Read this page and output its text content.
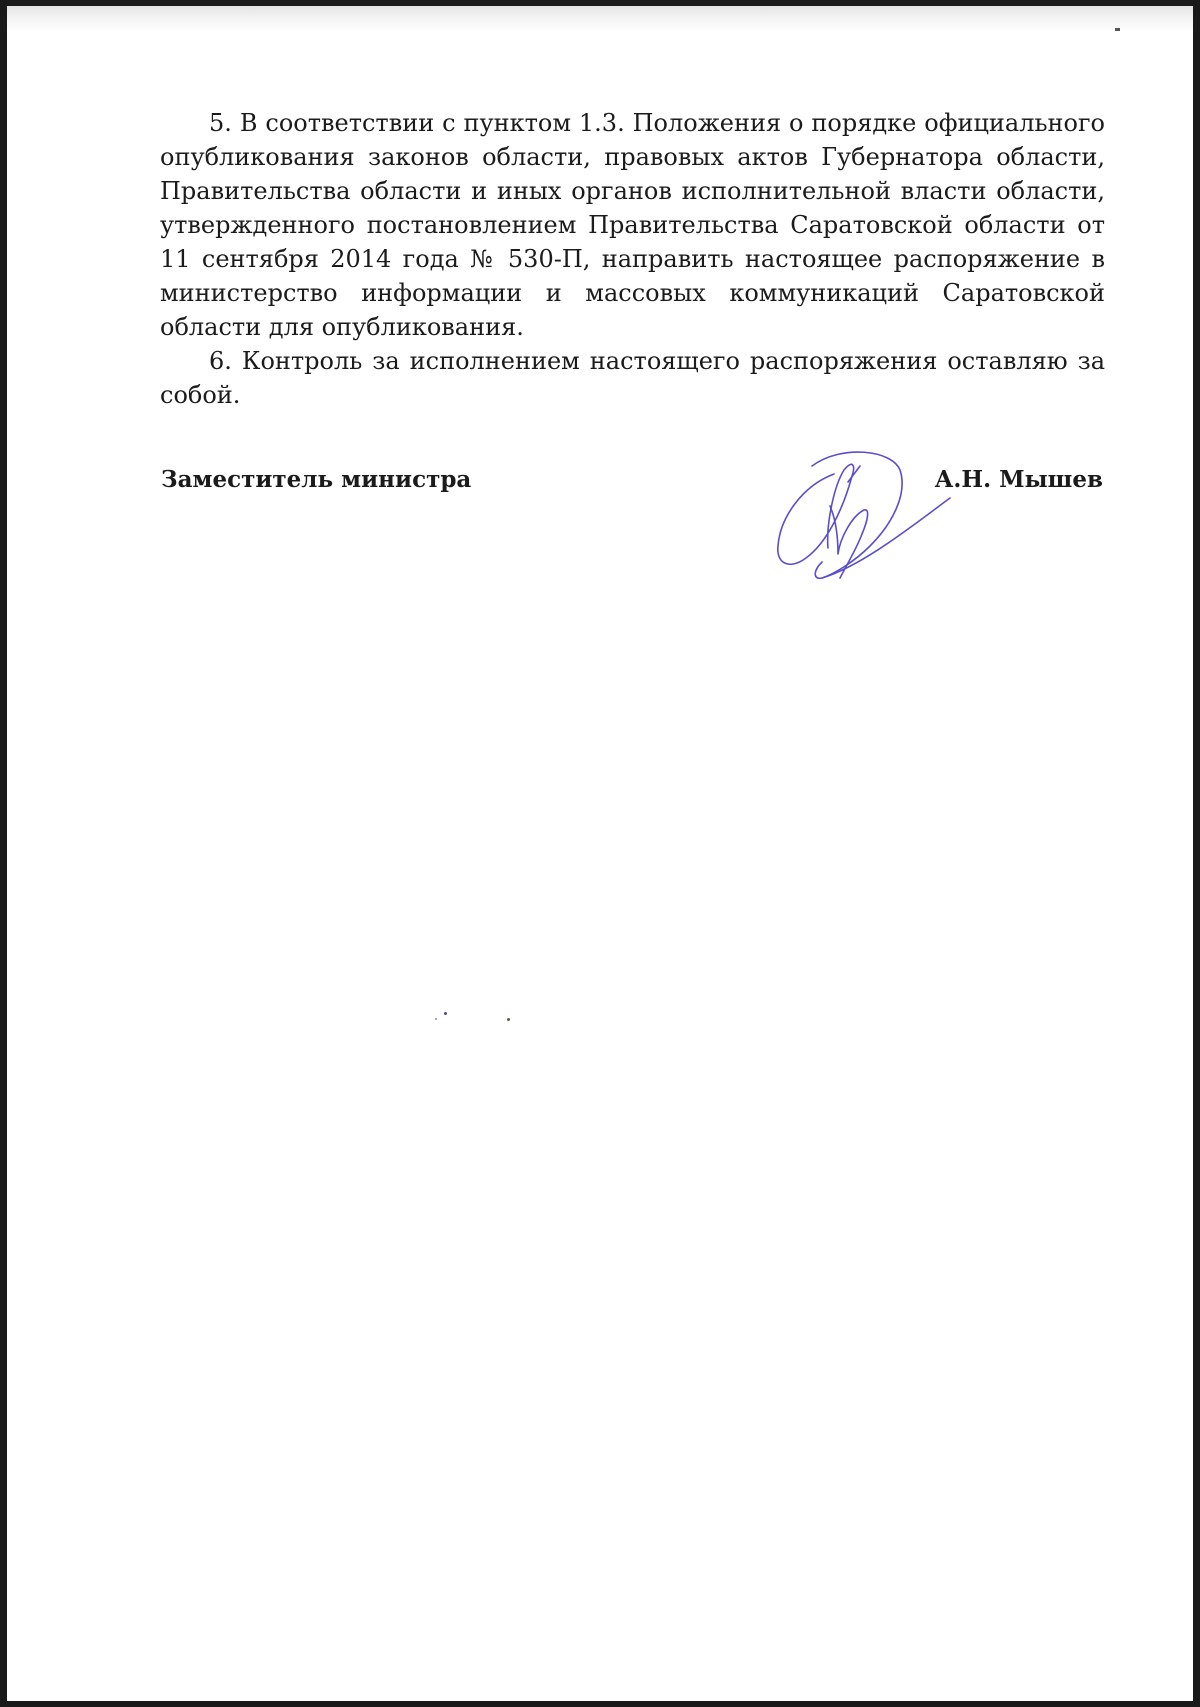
5. В соответствии с пунктом 1.3. Положения о порядке официального опубликования законов области, правовых актов Губернатора области, Правительства области и иных органов исполнительной власти области, утвержденного постановлением Правительства Саратовской области от 11 сентября 2014 года № 530-П, направить настоящее распоряжение в министерство информации и массовых коммуникаций Саратовской области для опубликования.

6. Контроль за исполнением настоящего распоряжения оставляю за собой.

Заместитель министра	А.Н. Мышев
